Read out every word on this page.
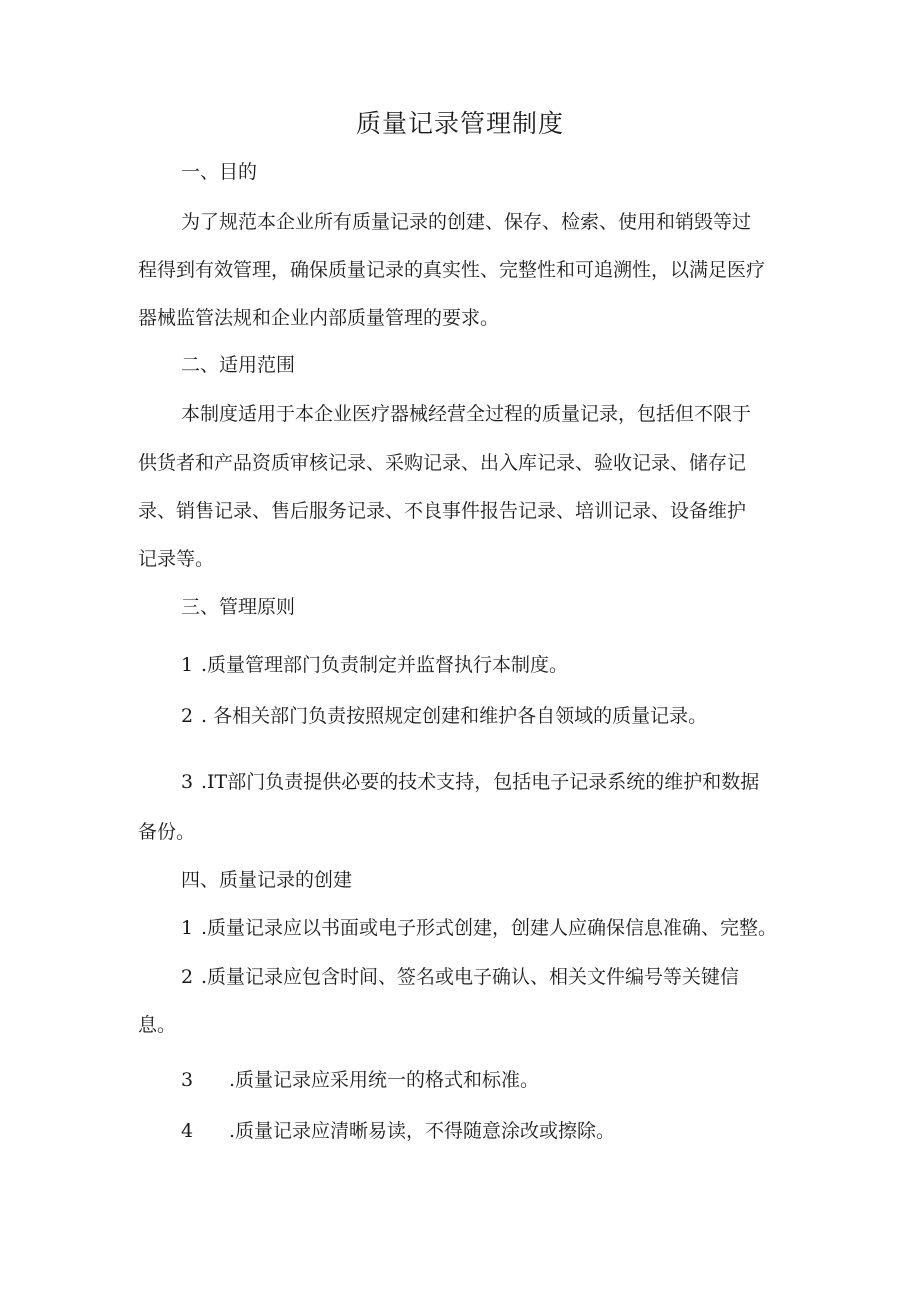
质量记录管理制度
一、目的
为了规范本企业所有质量记录的创建、保存、检索、使用和销毁等过
程得到有效管理，确保质量记录的真实性、完整性和可追溯性，以满足医疗
器械监管法规和企业内部质量管理的要求。
二、适用范围
本制度适用于本企业医疗器械经营全过程的质量记录，包括但不限于
供货者和产品资质审核记录、采购记录、出入库记录、验收记录、储存记
录、销售记录、售后服务记录、不良事件报告记录、培训记录、设备维护
记录等。
三、管理原则
1 .质量管理部门负责制定并监督执行本制度。
2 . 各相关部门负责按照规定创建和维护各自领域的质量记录。
3 .IT部门负责提供必要的技术支持，包括电子记录系统的维护和数据
备份。
四、质量记录的创建
1 .质量记录应以书面或电子形式创建，创建人应确保信息准确、完整。
2 .质量记录应包含时间、签名或电子确认、相关文件编号等关键信
息。
3 .质量记录应采用统一的格式和标准。
4 .质量记录应清晰易读，不得随意涂改或擦除。
